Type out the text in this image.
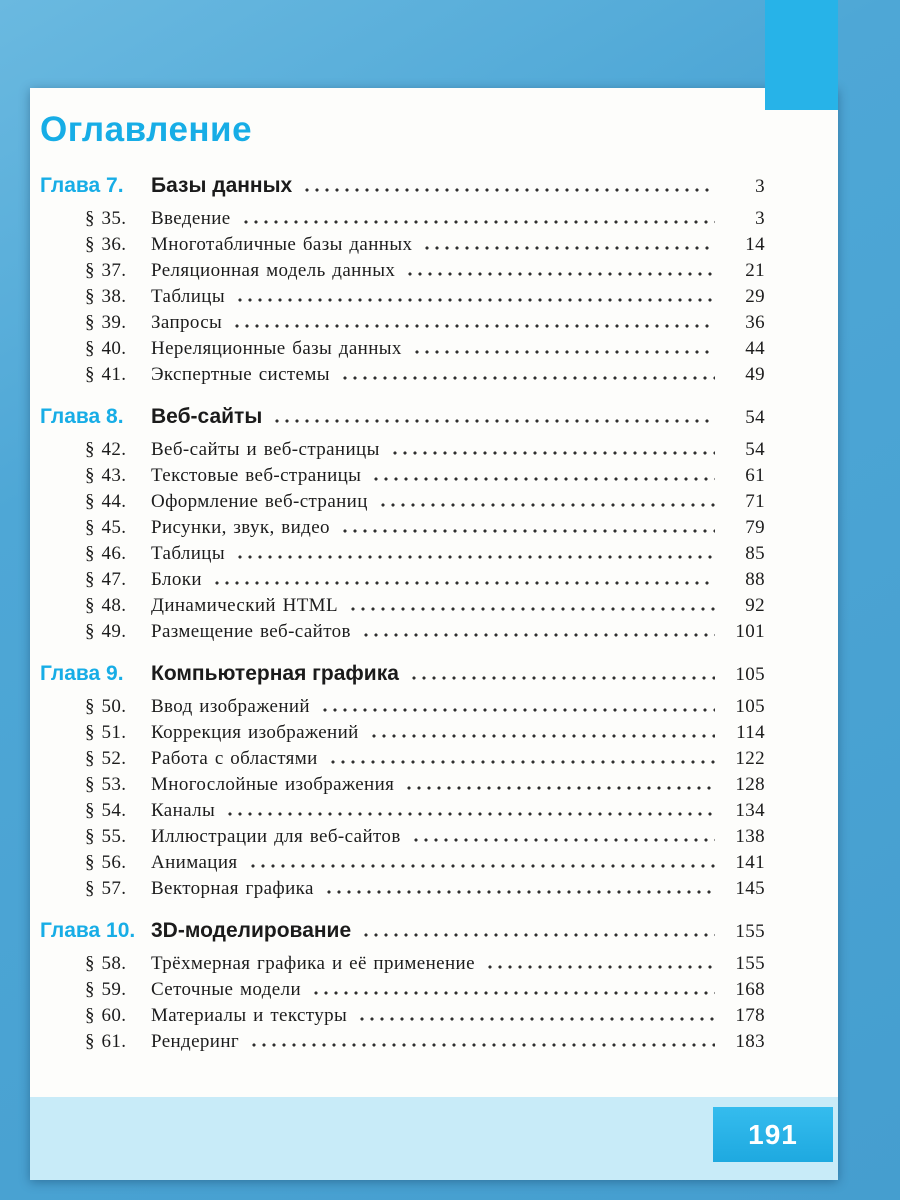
Оглавление
Глава 7.	Базы данных	3
§ 35.	Введение	3
§ 36.	Многотабличные базы данных	14
§ 37.	Реляционная модель данных	21
§ 38.	Таблицы	29
§ 39.	Запросы	36
§ 40.	Нереляционные базы данных	44
§ 41.	Экспертные системы	49
Глава 8.	Веб-сайты	54
§ 42.	Веб-сайты и веб-страницы	54
§ 43.	Текстовые веб-страницы	61
§ 44.	Оформление веб-страниц	71
§ 45.	Рисунки, звук, видео	79
§ 46.	Таблицы	85
§ 47.	Блоки	88
§ 48.	Динамический HTML	92
§ 49.	Размещение веб-сайтов	101
Глава 9.	Компьютерная графика	105
§ 50.	Ввод изображений	105
§ 51.	Коррекция изображений	114
§ 52.	Работа с областями	122
§ 53.	Многослойные изображения	128
§ 54.	Каналы	134
§ 55.	Иллюстрации для веб-сайтов	138
§ 56.	Анимация	141
§ 57.	Векторная графика	145
Глава 10. 3D-моделирование	155
§ 58.	Трёхмерная графика и её применение	155
§ 59.	Сеточные модели	168
§ 60.	Материалы и текстуры	178
§ 61.	Рендеринг	183
191
